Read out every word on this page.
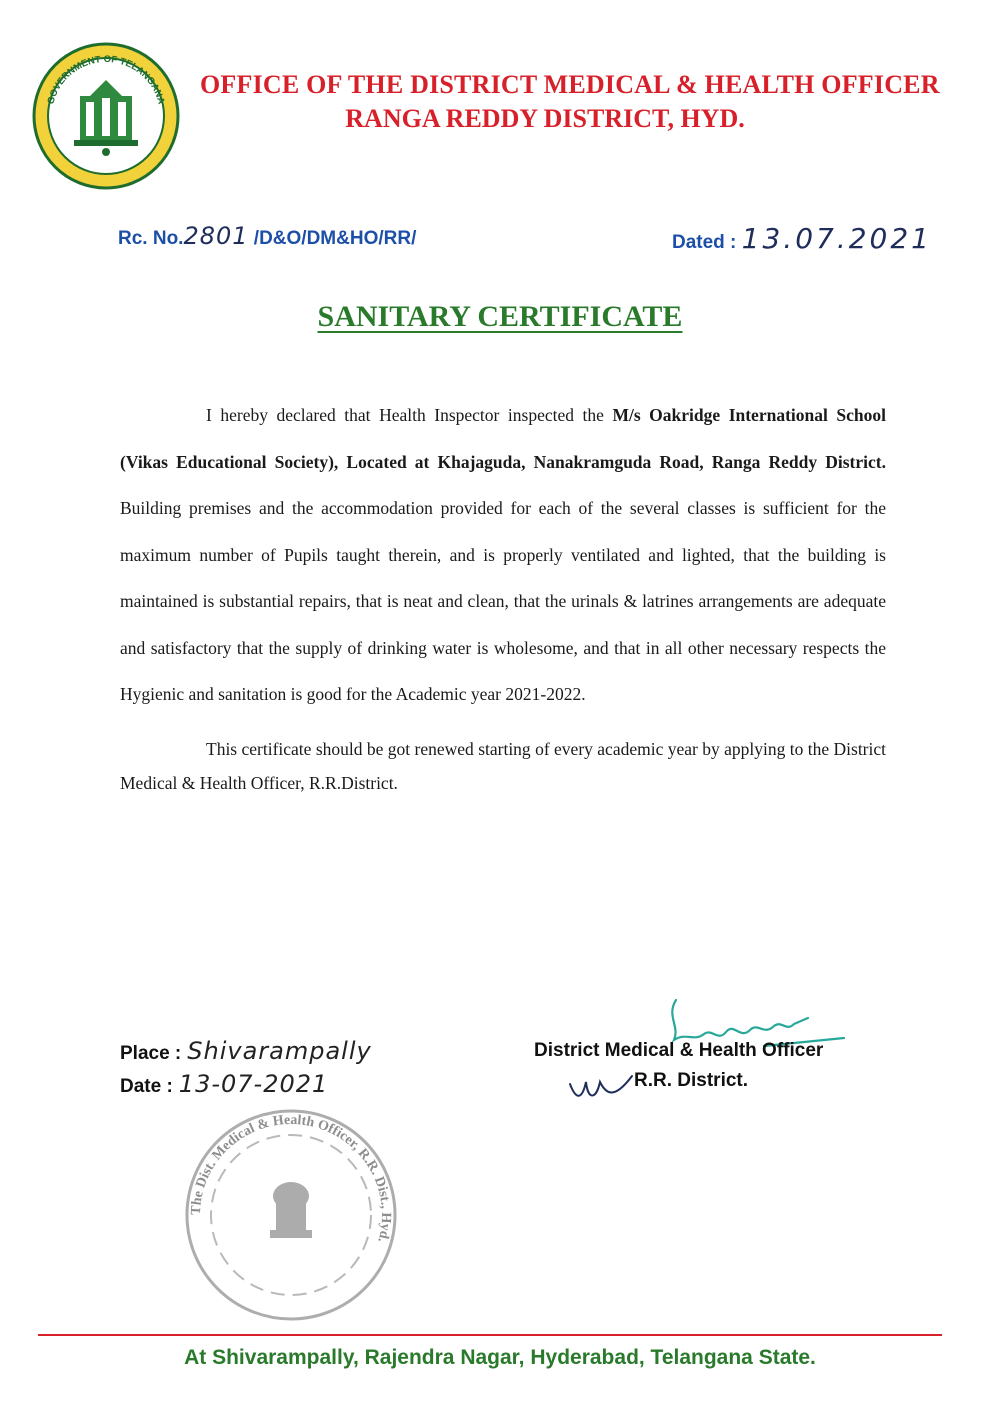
GOVERNMENT OF TELANGANA
OFFICE OF THE DISTRICT MEDICAL & HEALTH OFFICER
RANGA REDDY DISTRICT, HYD.
Rc. No.2801 /D&O/DM&HO/RR/	Dated : 13.07.2021
SANITARY CERTIFICATE

I hereby declared that Health Inspector inspected the M/s Oakridge International School (Vikas Educational Society), Located at Khajaguda, Nanakramguda Road, Ranga Reddy District. Building premises and the accommodation provided for each of the several classes is sufficient for the maximum number of Pupils taught therein, and is properly ventilated and lighted, that the building is maintained is substantial repairs, that is neat and clean, that the urinals & latrines arrangements are adequate and satisfactory that the supply of drinking water is wholesome, and that in all other necessary respects the Hygienic and sanitation is good for the Academic year 2021-2022.

This certificate should be got renewed starting of every academic year by applying to the District Medical & Health Officer, R.R.District.

Place : Shivarampally
Date : 13-07-2021
District Medical & Health Officer
R.R. District.
The Dist. Medical & Health Officer, R.R. Dist., Hyd.
At Shivarampally, Rajendra Nagar, Hyderabad, Telangana State.
